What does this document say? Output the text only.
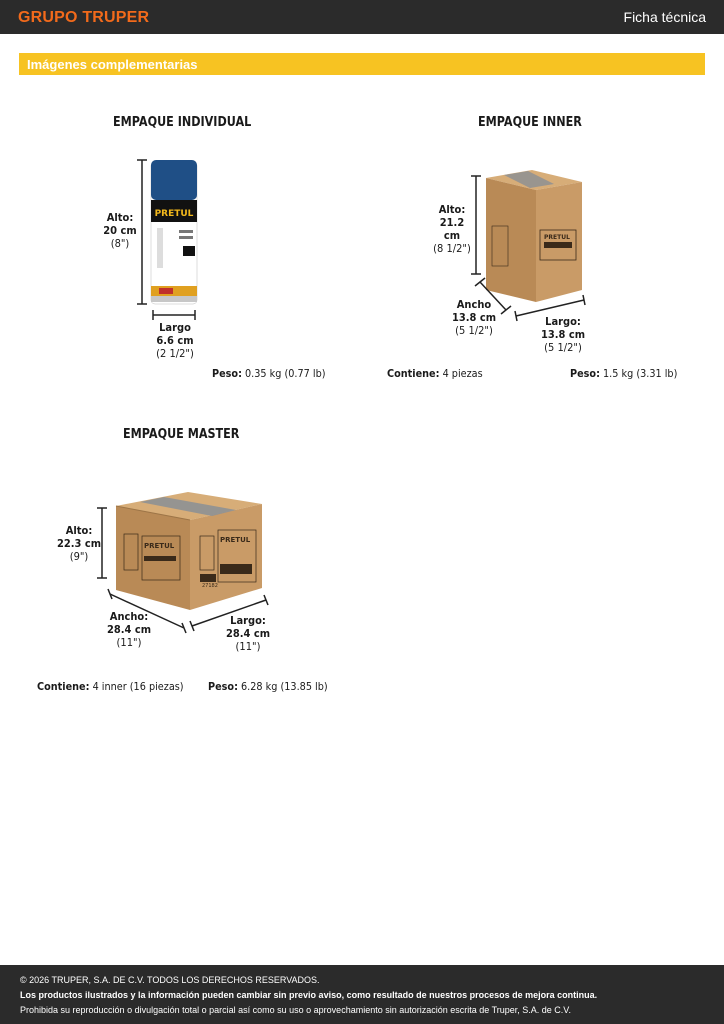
GRUPO TRUPER	Ficha técnica
Imágenes complementarias
EMPAQUE INDIVIDUAL
PRETUL
Alto:
20 cm
(8")
Largo
6.6 cm
(2 1/2")
Peso: 0.35 kg (0.77 lb)
EMPAQUE INNER
PRETUL
Alto:
21.2 cm
(8 1/2")
Ancho
13.8 cm
(5 1/2")
Largo:
13.8 cm
(5 1/2")
Contiene: 4 piezas	Peso: 1.5 kg (3.31 lb)
EMPAQUE MASTER
PRETUL
PRETUL
27182
Alto:
22.3 cm
(9")
Ancho:
28.4 cm
(11")
Largo:
28.4 cm
(11")
Contiene: 4 inner (16 piezas) Peso: 6.28 kg (13.85 lb)
© 2026 TRUPER, S.A. DE C.V. TODOS LOS DERECHOS RESERVADOS.
Los productos ilustrados y la información pueden cambiar sin previo aviso, como resultado de nuestros procesos de mejora continua.
Prohibida su reproducción o divulgación total o parcial así como su uso o aprovechamiento sin autorización escrita de Truper, S.A. de C.V.
